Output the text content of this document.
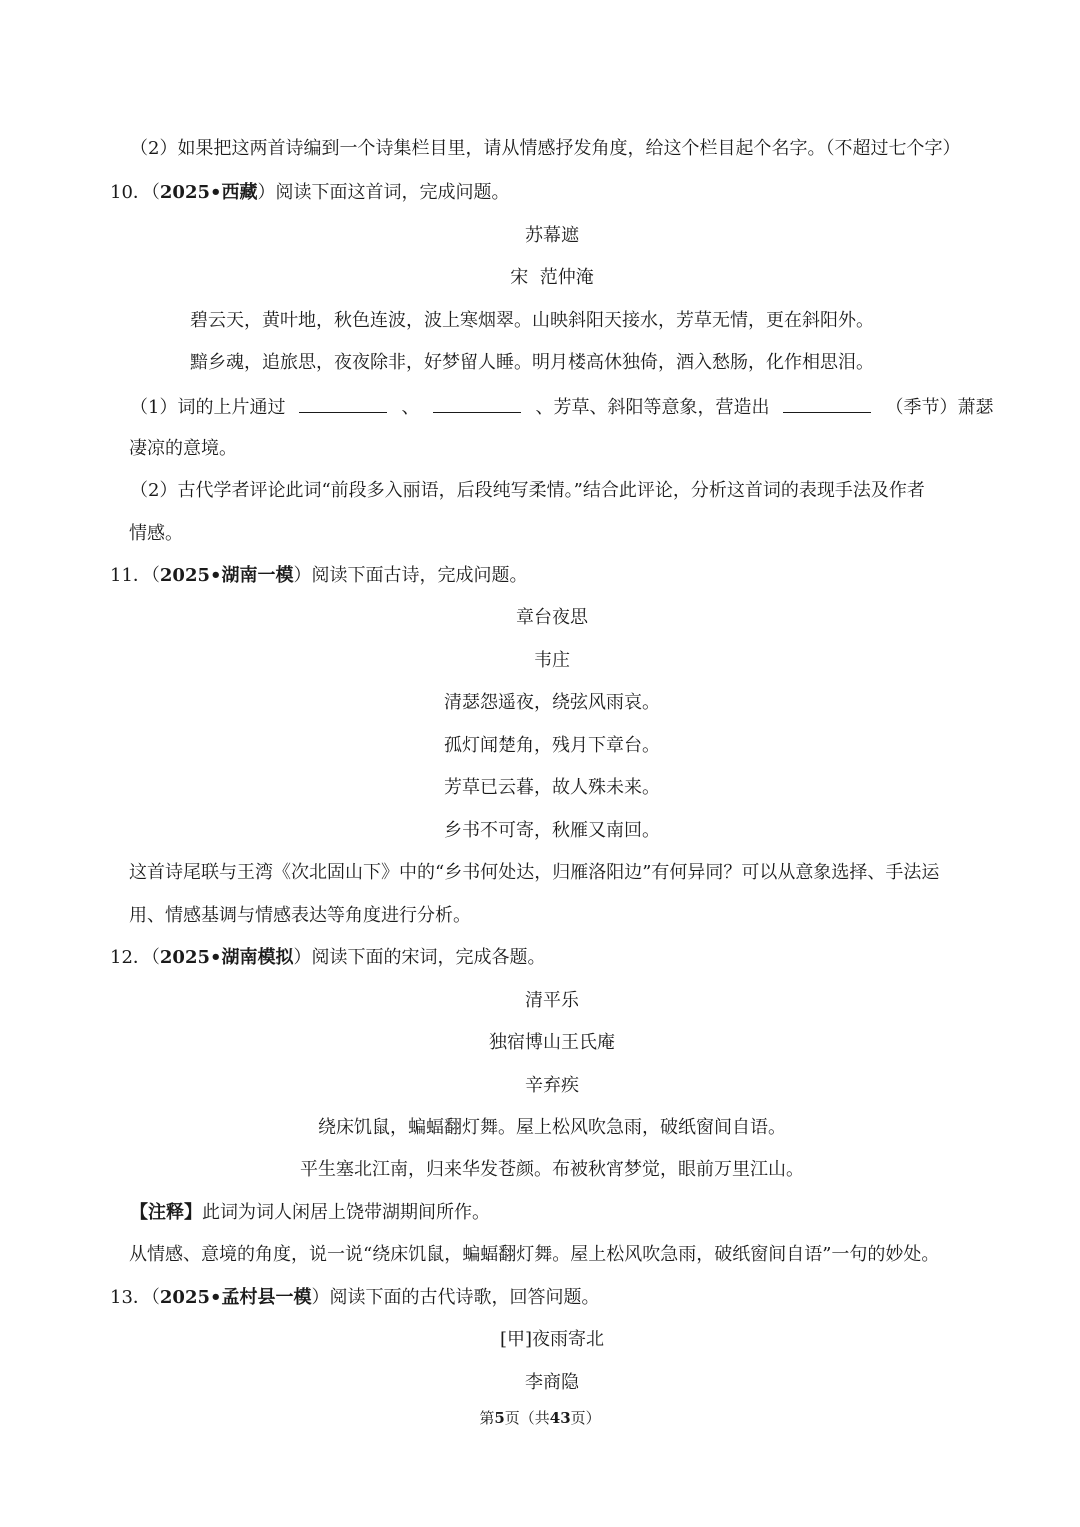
（2）如果把这两首诗编到一个诗集栏目里，请从情感抒发角度，给这个栏目起个名字。（不超过七个字）
10．（2025•西藏）阅读下面这首词，完成问题。
苏幕遮
宋  范仲淹
碧云天，黄叶地，秋色连波，波上寒烟翠。山映斜阳天接水，芳草无情，更在斜阳外。
黯乡魂，追旅思，夜夜除非，好梦留人睡。明月楼高休独倚，酒入愁肠，化作相思泪。
（1）词的上片通过	、	、芳草、斜阳等意象，营造出	（季节）萧瑟
凄凉的意境。
（2）古代学者评论此词“前段多入丽语，后段纯写柔情。”结合此评论，分析这首词的表现手法及作者
情感。
11．（2025•湖南一模）阅读下面古诗，完成问题。
章台夜思
韦庄
清瑟怨遥夜，绕弦风雨哀。
孤灯闻楚角，残月下章台。
芳草已云暮，故人殊未来。
乡书不可寄，秋雁又南回。
这首诗尾联与王湾《次北固山下》中的“乡书何处达，归雁洛阳边”有何异同？可以从意象选择、手法运
用、情感基调与情感表达等角度进行分析。
12．（2025•湖南模拟）阅读下面的宋词，完成各题。
清平乐
独宿博山王氏庵
辛弃疾
绕床饥鼠，蝙蝠翻灯舞。屋上松风吹急雨，破纸窗间自语。
平生塞北江南，归来华发苍颜。布被秋宵梦觉，眼前万里江山。
【注释】此词为词人闲居上饶带湖期间所作。
从情感、意境的角度，说一说“绕床饥鼠，蝙蝠翻灯舞。屋上松风吹急雨，破纸窗间自语”一句的妙处。
13．（2025•孟村县一模）阅读下面的古代诗歌，回答问题。
[甲]夜雨寄北
李商隐
第5页（共43页）
